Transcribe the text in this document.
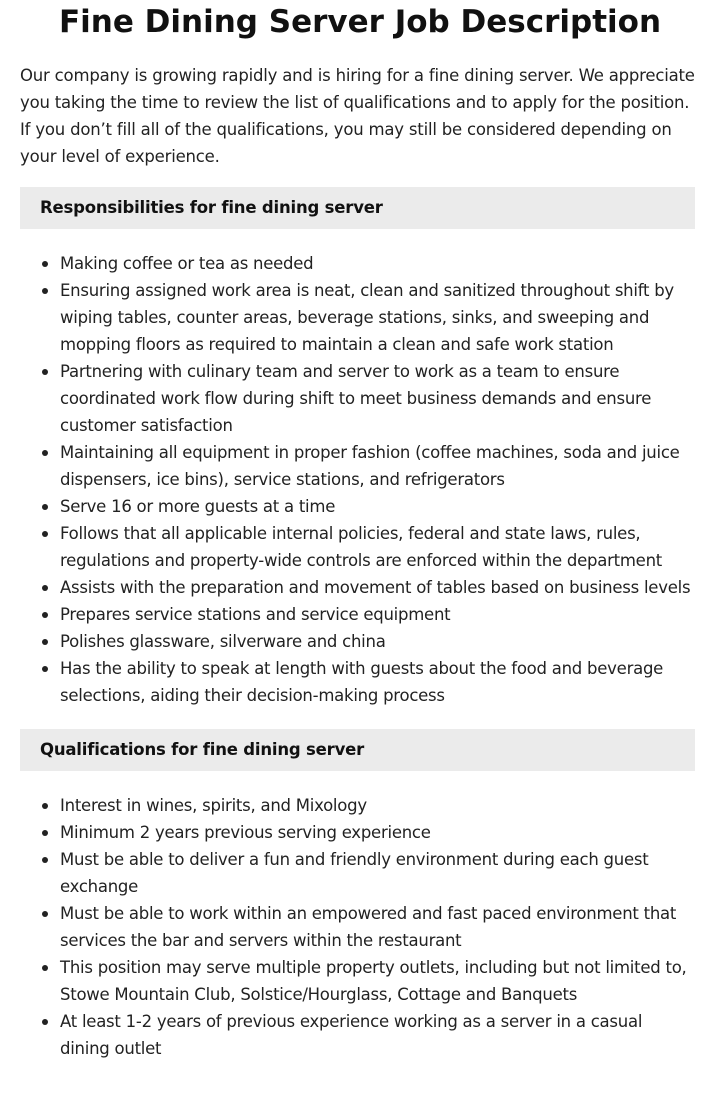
Fine Dining Server Job Description

Our company is growing rapidly and is hiring for a fine dining server. We appreciate you taking the time to review the list of qualifications and to apply for the position. If you don’t fill all of the qualifications, you may still be considered depending on your level of experience.

Responsibilities for fine dining server
Making coffee or tea as needed
Ensuring assigned work area is neat, clean and sanitized throughout shift by wiping tables, counter areas, beverage stations, sinks, and sweeping and mopping floors as required to maintain a clean and safe work station
Partnering with culinary team and server to work as a team to ensure coordinated work flow during shift to meet business demands and ensure customer satisfaction
Maintaining all equipment in proper fashion (coffee machines, soda and juice dispensers, ice bins), service stations, and refrigerators
Serve 16 or more guests at a time
Follows that all applicable internal policies, federal and state laws, rules, regulations and property-wide controls are enforced within the department
Assists with the preparation and movement of tables based on business levels
Prepares service stations and service equipment
Polishes glassware, silverware and china
Has the ability to speak at length with guests about the food and beverage selections, aiding their decision-making process
Qualifications for fine dining server
Interest in wines, spirits, and Mixology
Minimum 2 years previous serving experience
Must be able to deliver a fun and friendly environment during each guest exchange
Must be able to work within an empowered and fast paced environment that services the bar and servers within the restaurant
This position may serve multiple property outlets, including but not limited to, Stowe Mountain Club, Solstice/Hourglass, Cottage and Banquets
At least 1-2 years of previous experience working as a server in a casual dining outlet
